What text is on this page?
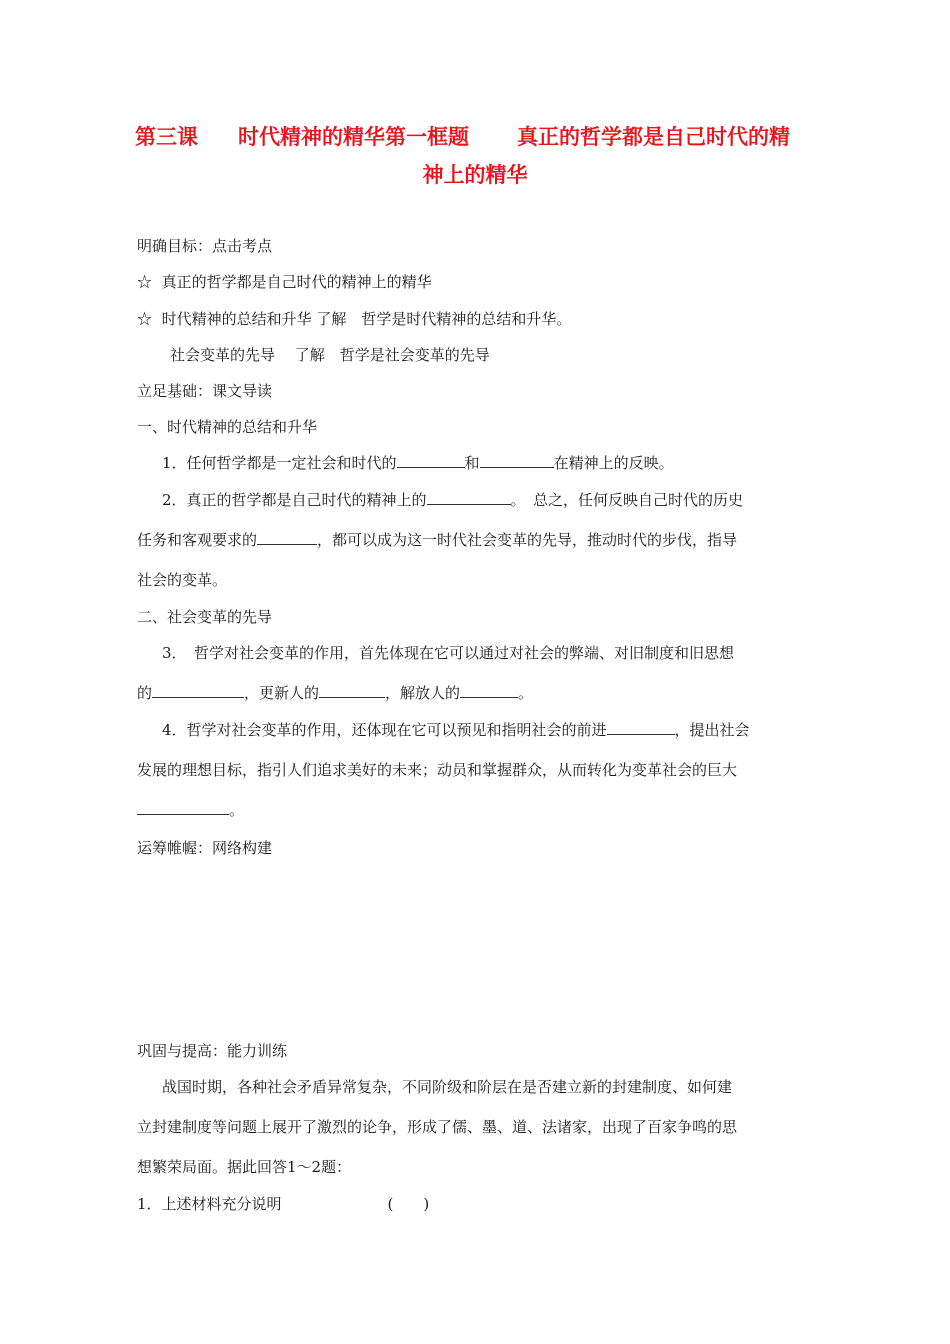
第三课 时代精神的精华第一框题 真正的哲学都是自己时代的精
神上的精华
明确目标：点击考点
☆ 真正的哲学都是自己时代的精神上的精华
☆ 时代精神的总结和升华 了解　哲学是时代精神的总结和升华。
社会变革的先导　 了解　哲学是社会变革的先导
立足基础：课文导读
一、时代精神的总结和升华
1．任何哲学都是一定社会和时代的	和	在精神上的反映。
2．真正的哲学都是自己时代的精神上的	。　总之，任何反映自己时代的历史
任务和客观要求的	，都可以成为这一时代社会变革的先导，推动时代的步伐，指导
社会的变革。
二、社会变革的先导
3．　哲学对社会变革的作用，首先体现在它可以通过对社会的弊端、对旧制度和旧思想
的	，更新人的	，解放人的	。
4．哲学对社会变革的作用，还体现在它可以预见和指明社会的前进	，提出社会
发展的理想目标，指引人们追求美好的未来；动员和掌握群众，从而转化为变革社会的巨大
。
运筹帷幄：网络构建
巩固与提高：能力训练
战国时期，各种社会矛盾异常复杂，不同阶级和阶层在是否建立新的封建制度、如何建
立封建制度等问题上展开了激烈的论争，形成了儒、墨、道、法诸家，出现了百家争鸣的思
想繁荣局面。据此回答1～2题：
1．上述材料充分说明	(　　)
